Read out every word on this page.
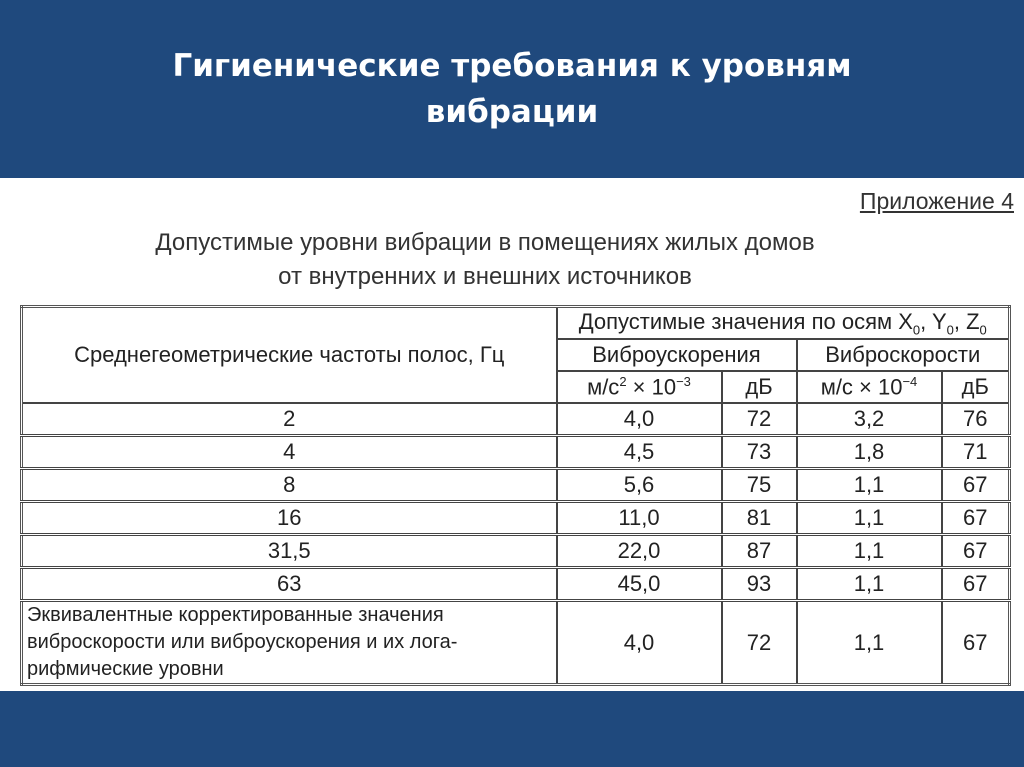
Гигиенические требования к уровням вибрации
Приложение 4
Допустимые уровни вибрации в помещениях жилых домов
от внутренних и внешних источников
Среднегеометрические частоты полос, Гц	Допустимые значения по осям $X_0$, $Y_0$, $Z_0$
	Виброускорения		Виброскорости	
	$м/с^2 \times 10^{-3}$	дБ	$м/с \times 10^{-4}$	дБ
2	4,0	72	3,2	76
4	4,5	73	1,8	71
8	5,6	75	1,1	67
16	11,0	81	1,1	67
31,5	22,0	87	1,1	67
63	45,0	93	1,1	67
Эквивалентные корректированные значения виброскорости или виброускорения и их лога-рифмические уровни	4,0	72	1,1	67
